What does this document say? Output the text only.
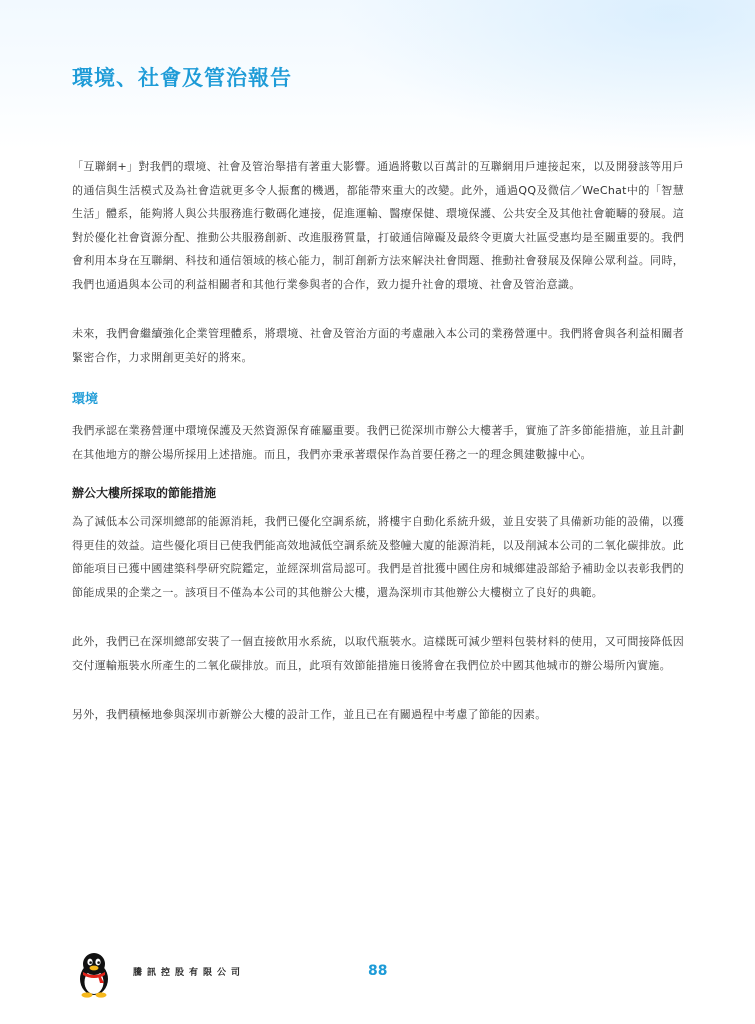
環境、社會及管治報告

「互聯網+」對我們的環境、社會及管治舉措有著重大影響。通過將數以百萬計的互聯網用戶連接起來，以及開發該等用戶的通信與生活模式及為社會造就更多令人振奮的機遇，都能帶來重大的改變。此外，通過QQ及微信／WeChat中的「智慧生活」體系，能夠將人與公共服務進行數碼化連接，促進運輸、醫療保健、環境保護、公共安全及其他社會範疇的發展。這對於優化社會資源分配、推動公共服務創新、改進服務質量，打破通信障礙及最終令更廣大社區受惠均是至關重要的。我們會利用本身在互聯網、科技和通信領域的核心能力，制訂創新方法來解決社會問題、推動社會發展及保障公眾利益。同時，我們也通過與本公司的利益相關者和其他行業參與者的合作，致力提升社會的環境、社會及管治意識。

未來，我們會繼續強化企業管理體系，將環境、社會及管治方面的考慮融入本公司的業務營運中。我們將會與各利益相關者緊密合作，力求開創更美好的將來。

環境

我們承認在業務營運中環境保護及天然資源保育確屬重要。我們已從深圳市辦公大樓著手，實施了許多節能措施，並且計劃在其他地方的辦公場所採用上述措施。而且，我們亦秉承著環保作為首要任務之一的理念興建數據中心。

辦公大樓所採取的節能措施

為了減低本公司深圳總部的能源消耗，我們已優化空調系統，將樓宇自動化系統升級，並且安裝了具備新功能的設備，以獲得更佳的效益。這些優化項目已使我們能高效地減低空調系統及整幢大廈的能源消耗，以及削減本公司的二氧化碳排放。此節能項目已獲中國建築科學研究院鑑定，並經深圳當局認可。我們是首批獲中國住房和城鄉建設部給予補助金以表彰我們的節能成果的企業之一。該項目不僅為本公司的其他辦公大樓，還為深圳市其他辦公大樓樹立了良好的典範。

此外，我們已在深圳總部安裝了一個直接飲用水系統，以取代瓶裝水。這樣既可減少塑料包裝材料的使用，又可間接降低因交付運輸瓶裝水所產生的二氧化碳排放。而且，此項有效節能措施日後將會在我們位於中國其他城市的辦公場所內實施。

另外，我們積極地參與深圳市新辦公大樓的設計工作，並且已在有關過程中考慮了節能的因素。

騰訊控股有限公司	88
